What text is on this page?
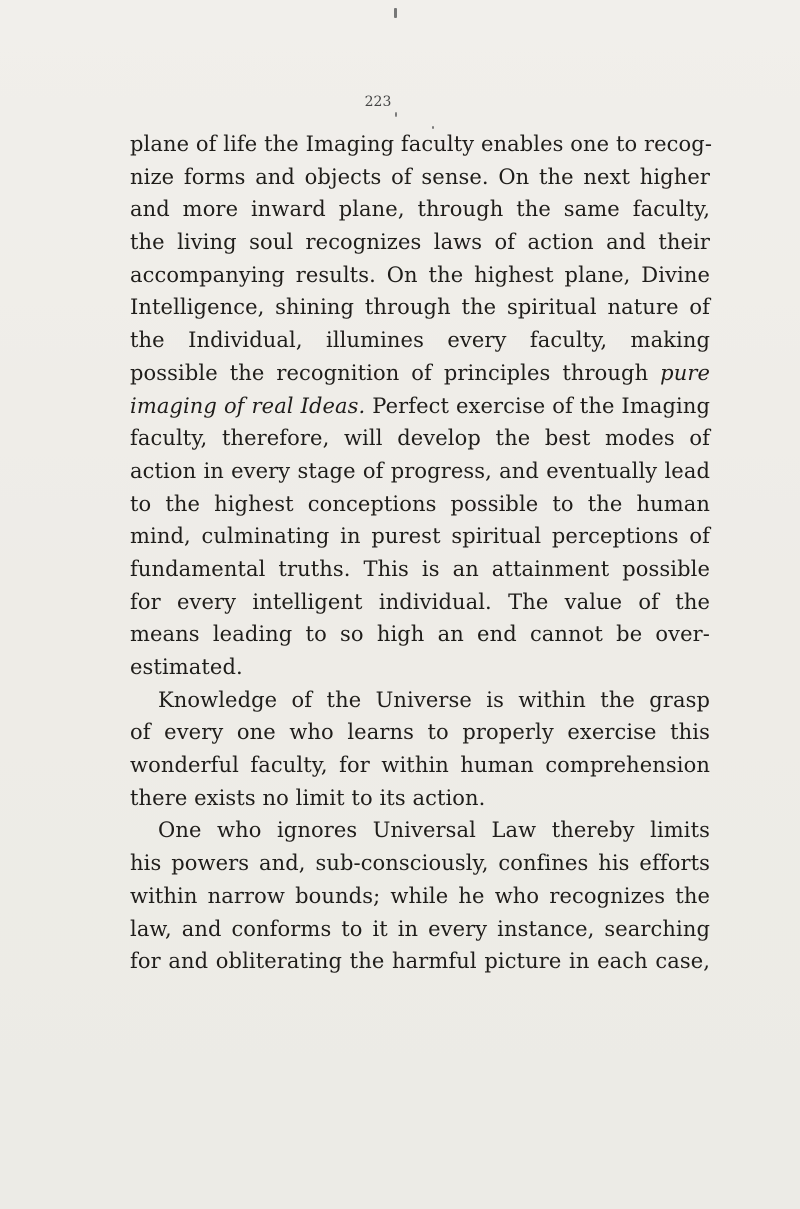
223
plane of life the Imaging faculty enables one to recog-
nize forms and objects of sense. On the next higher
and more inward plane, through the same faculty,
the living soul recognizes laws of action and their
accompanying results. On the highest plane, Divine
Intelligence, shining through the spiritual nature of
the Individual, illumines every faculty, making
possible the recognition of principles through pure
imaging of real Ideas. Perfect exercise of the Imaging
faculty, therefore, will develop the best modes of
action in every stage of progress, and eventually lead
to the highest conceptions possible to the human
mind, culminating in purest spiritual perceptions of
fundamental truths. This is an attainment possible
for every intelligent individual. The value of the
means leading to so high an end cannot be over-
estimated.
Knowledge of the Universe is within the grasp
of every one who learns to properly exercise this
wonderful faculty, for within human comprehension
there exists no limit to its action.
One who ignores Universal Law thereby limits
his powers and, sub-consciously, confines his efforts
within narrow bounds; while he who recognizes the
law, and conforms to it in every instance, searching
for and obliterating the harmful picture in each case,
